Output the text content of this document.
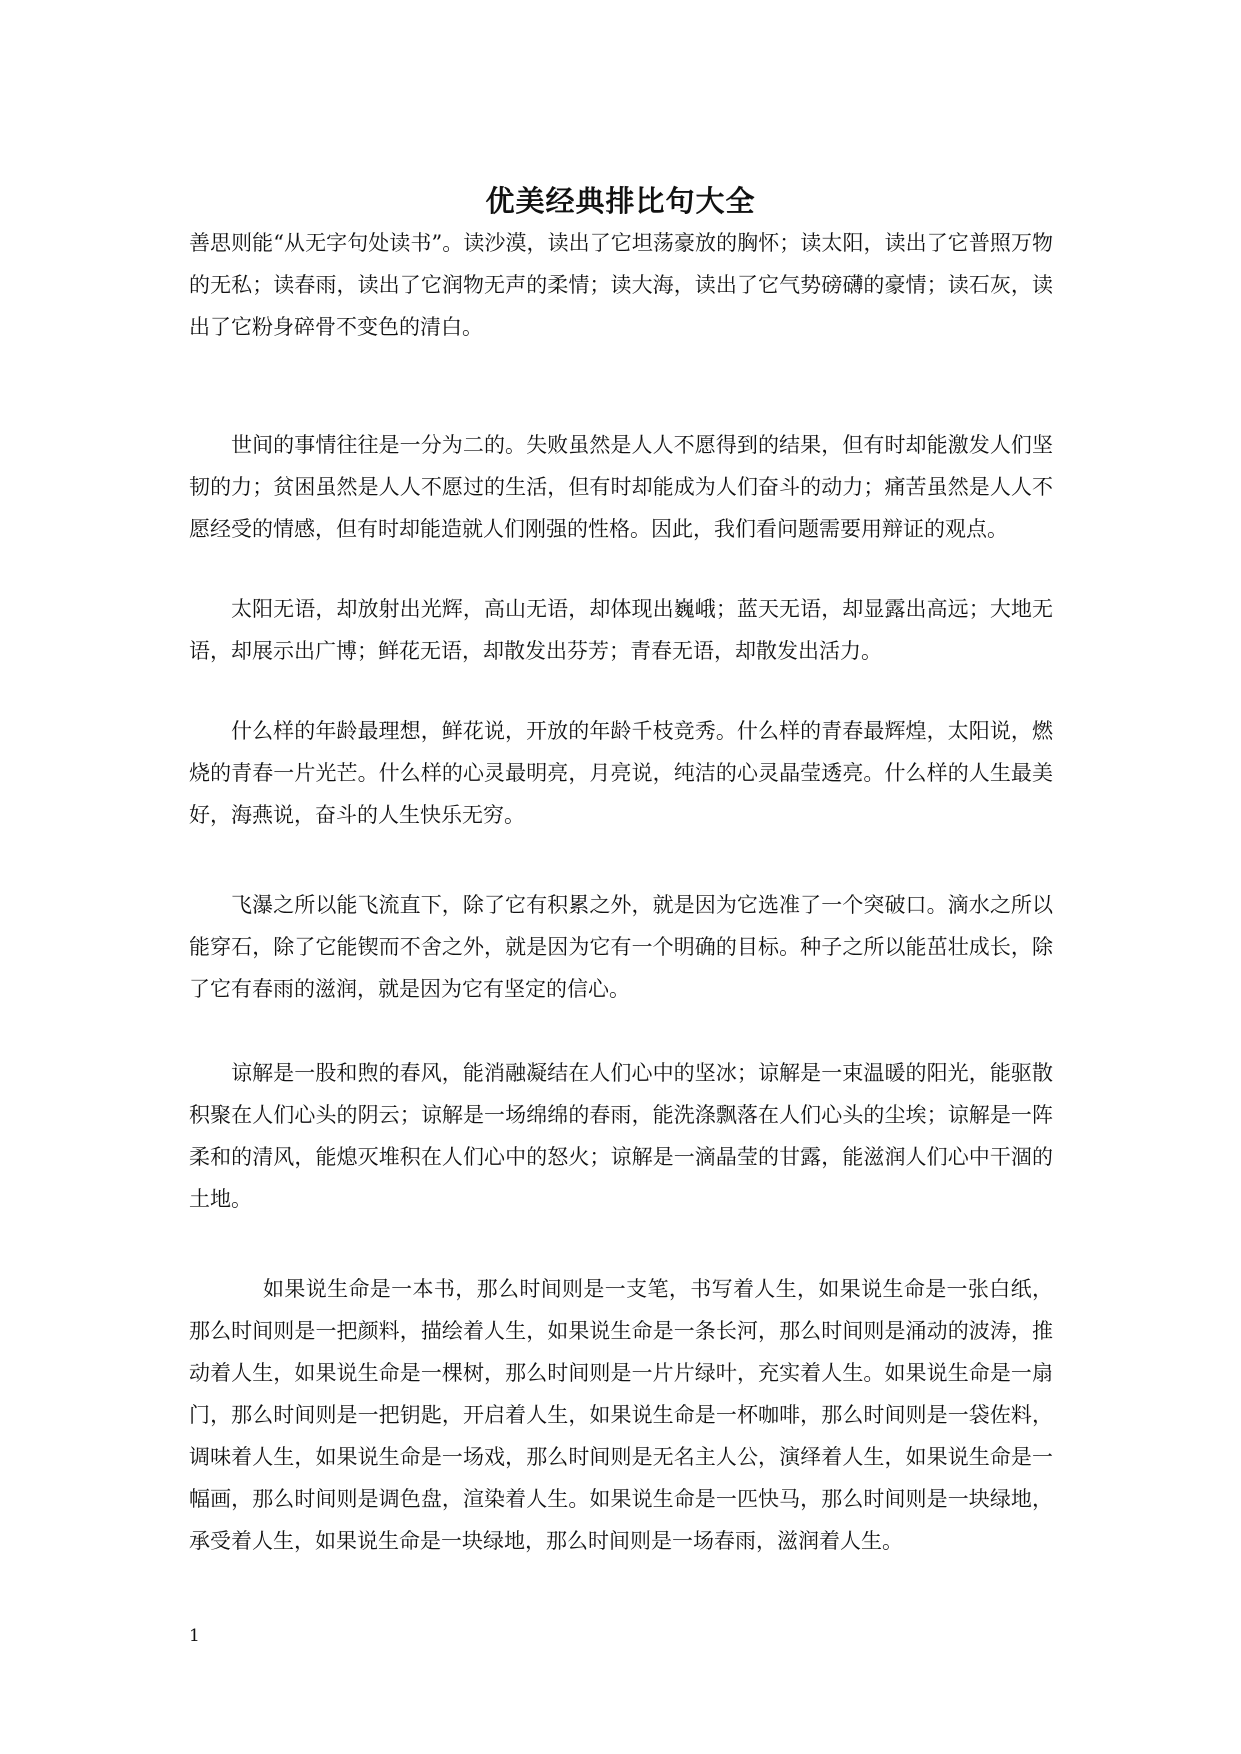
优美经典排比句大全

善思则能“从无字句处读书”。读沙漠，读出了它坦荡豪放的胸怀；读太阳，读出了它普照万物的无私；读春雨，读出了它润物无声的柔情；读大海，读出了它气势磅礴的豪情；读石灰，读出了它粉身碎骨不变色的清白。

世间的事情往往是一分为二的。失败虽然是人人不愿得到的结果，但有时却能激发人们坚韧的力；贫困虽然是人人不愿过的生活，但有时却能成为人们奋斗的动力；痛苦虽然是人人不愿经受的情感，但有时却能造就人们刚强的性格。因此，我们看问题需要用辩证的观点。

太阳无语，却放射出光辉，高山无语，却体现出巍峨；蓝天无语，却显露出高远；大地无语，却展示出广博；鲜花无语，却散发出芬芳；青春无语，却散发出活力。

什么样的年龄最理想，鲜花说，开放的年龄千枝竞秀。什么样的青春最辉煌，太阳说，燃烧的青春一片光芒。什么样的心灵最明亮，月亮说，纯洁的心灵晶莹透亮。什么样的人生最美好，海燕说，奋斗的人生快乐无穷。

飞瀑之所以能飞流直下，除了它有积累之外，就是因为它选准了一个突破口。滴水之所以能穿石，除了它能锲而不舍之外，就是因为它有一个明确的目标。种子之所以能茁壮成长，除了它有春雨的滋润，就是因为它有坚定的信心。

谅解是一股和煦的春风，能消融凝结在人们心中的坚冰；谅解是一束温暖的阳光，能驱散积聚在人们心头的阴云；谅解是一场绵绵的春雨，能洗涤飘落在人们心头的尘埃；谅解是一阵柔和的清风，能熄灭堆积在人们心中的怒火；谅解是一滴晶莹的甘露，能滋润人们心中干涸的土地。

如果说生命是一本书，那么时间则是一支笔，书写着人生，如果说生命是一张白纸，那么时间则是一把颜料，描绘着人生，如果说生命是一条长河，那么时间则是涌动的波涛，推动着人生，如果说生命是一棵树，那么时间则是一片片绿叶，充实着人生。如果说生命是一扇门，那么时间则是一把钥匙，开启着人生，如果说生命是一杯咖啡，那么时间则是一袋佐料，调味着人生，如果说生命是一场戏，那么时间则是无名主人公，演绎着人生，如果说生命是一幅画，那么时间则是调色盘，渲染着人生。如果说生命是一匹快马，那么时间则是一块绿地，承受着人生，如果说生命是一块绿地，那么时间则是一场春雨，滋润着人生。

1
